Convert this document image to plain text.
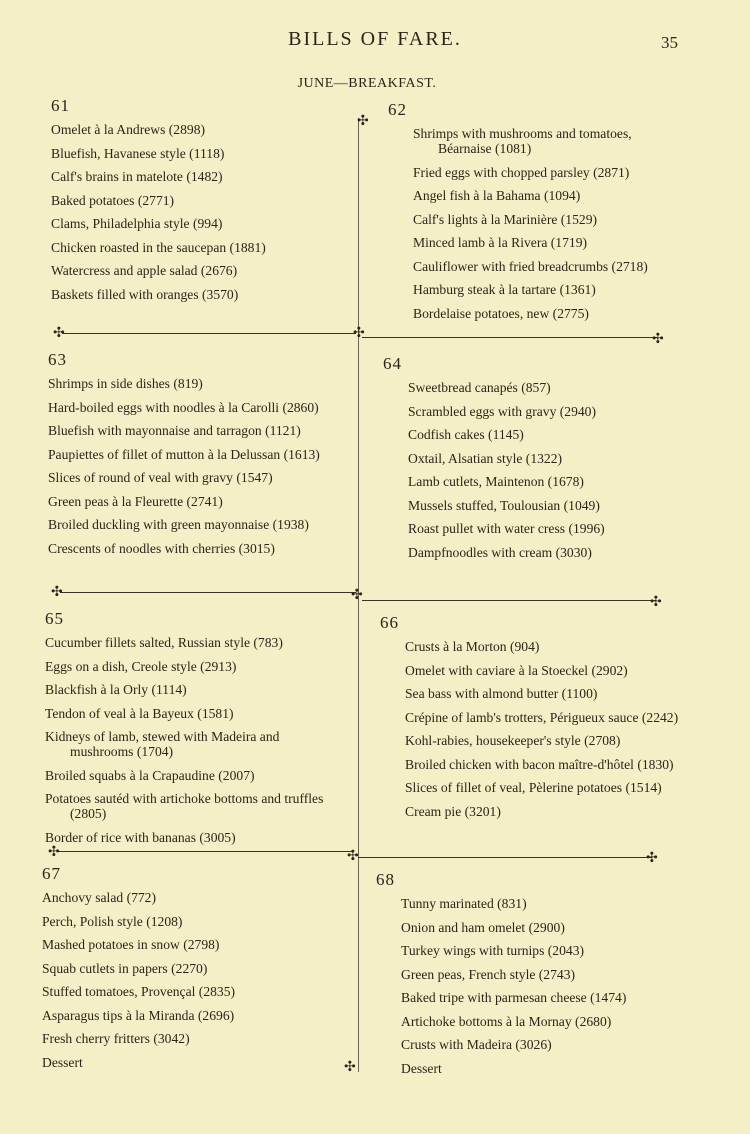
BILLS OF FARE.	35
JUNE—BREAKFAST.
61
Omelet à la Andrews (2898)
Bluefish, Havanese style (1118)
Calf's brains in matelote (1482)
Baked potatoes (2771)
Clams, Philadelphia style (994)
Chicken roasted in the saucepan (1881)
Watercress and apple salad (2676)
Baskets filled with oranges (3570)
62
Shrimps with mushrooms and tomatoes, Béarnaise (1081)
Fried eggs with chopped parsley (2871)
Angel fish à la Bahama (1094)
Calf's lights à la Marinière (1529)
Minced lamb à la Rivera (1719)
Cauliflower with fried breadcrumbs (2718)
Hamburg steak à la tartare (1361)
Bordelaise potatoes, new (2775)
63
Shrimps in side dishes (819)
Hard-boiled eggs with noodles à la Carolli (2860)
Bluefish with mayonnaise and tarragon (1121)
Paupiettes of fillet of mutton à la Delussan (1613)
Slices of round of veal with gravy (1547)
Green peas à la Fleurette (2741)
Broiled duckling with green mayonnaise (1938)
Crescents of noodles with cherries (3015)
64
Sweetbread canapés (857)
Scrambled eggs with gravy (2940)
Codfish cakes (1145)
Oxtail, Alsatian style (1322)
Lamb cutlets, Maintenon (1678)
Mussels stuffed, Toulousian (1049)
Roast pullet with water cress (1996)
Dampfnoodles with cream (3030)
65
Cucumber fillets salted, Russian style (783)
Eggs on a dish, Creole style (2913)
Blackfish à la Orly (1114)
Tendon of veal à la Bayeux (1581)
Kidneys of lamb, stewed with Madeira and mushrooms (1704)
Broiled squabs à la Crapaudine (2007)
Potatoes sautéd with artichoke bottoms and truffles (2805)
Border of rice with bananas (3005)
66
Crusts à la Morton (904)
Omelet with caviare à la Stoeckel (2902)
Sea bass with almond butter (1100)
Crépine of lamb's trotters, Périgueux sauce (2242)
Kohl-rabies, housekeeper's style (2708)
Broiled chicken with bacon maître-d'hôtel (1830)
Slices of fillet of veal, Pèlerine potatoes (1514)
Cream pie (3201)
67
Anchovy salad (772)
Perch, Polish style (1208)
Mashed potatoes in snow (2798)
Squab cutlets in papers (2270)
Stuffed tomatoes, Provençal (2835)
Asparagus tips à la Miranda (2696)
Fresh cherry fritters (3042)
Dessert
68
Tunny marinated (831)
Onion and ham omelet (2900)
Turkey wings with turnips (2043)
Green peas, French style (2743)
Baked tripe with parmesan cheese (1474)
Artichoke bottoms à la Mornay (2680)
Crusts with Madeira (3026)
Dessert
✣
✣	✣	✣
✣	✣	✣
✣	✣	✣
✣
